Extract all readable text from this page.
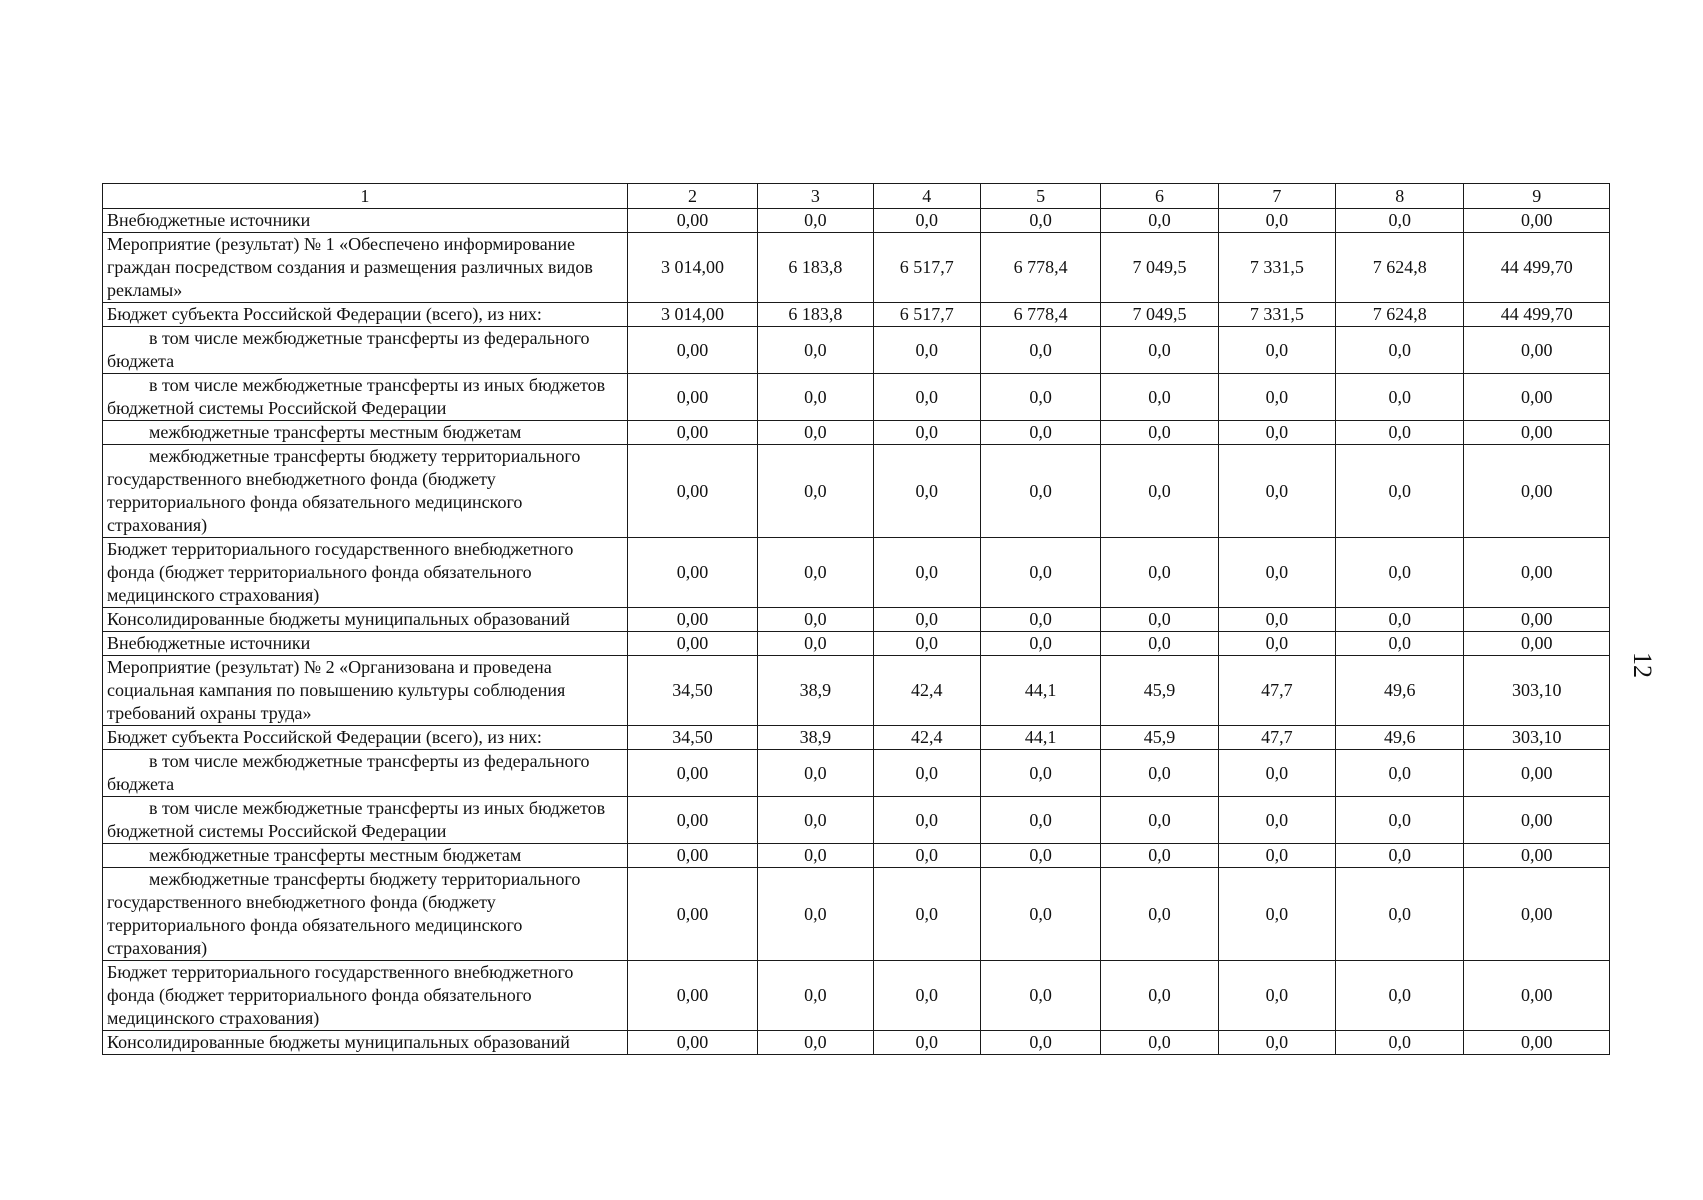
1	2	3	4	5	6	7	8	9
Внебюджетные источники	0,00	0,0	0,0	0,0	0,0	0,0	0,0	0,00
Мероприятие (результат) № 1 «Обеспечено информирование граждан посредством создания и размещения различных видов рекламы»	3 014,00	6 183,8	6 517,7	6 778,4	7 049,5	7 331,5	7 624,8	44 499,70
Бюджет субъекта Российской Федерации (всего), из них:	3 014,00	6 183,8	6 517,7	6 778,4	7 049,5	7 331,5	7 624,8	44 499,70
в том числе межбюджетные трансферты из федерального бюджета	0,00	0,0	0,0	0,0	0,0	0,0	0,0	0,00
в том числе межбюджетные трансферты из иных бюджетов бюджетной системы Российской Федерации	0,00	0,0	0,0	0,0	0,0	0,0	0,0	0,00
межбюджетные трансферты местным бюджетам	0,00	0,0	0,0	0,0	0,0	0,0	0,0	0,00
межбюджетные трансферты бюджету территориального государственного внебюджетного фонда (бюджету территориального фонда обязательного медицинского страхования)	0,00	0,0	0,0	0,0	0,0	0,0	0,0	0,00
Бюджет территориального государственного внебюджетного фонда (бюджет территориального фонда обязательного медицинского страхования)	0,00	0,0	0,0	0,0	0,0	0,0	0,0	0,00
Консолидированные бюджеты муниципальных образований	0,00	0,0	0,0	0,0	0,0	0,0	0,0	0,00
Внебюджетные источники	0,00	0,0	0,0	0,0	0,0	0,0	0,0	0,00
Мероприятие (результат) № 2 «Организована и проведена социальная кампания по повышению культуры соблюдения требований охраны труда»	34,50	38,9	42,4	44,1	45,9	47,7	49,6	303,10
Бюджет субъекта Российской Федерации (всего), из них:	34,50	38,9	42,4	44,1	45,9	47,7	49,6	303,10
в том числе межбюджетные трансферты из федерального бюджета	0,00	0,0	0,0	0,0	0,0	0,0	0,0	0,00
в том числе межбюджетные трансферты из иных бюджетов бюджетной системы Российской Федерации	0,00	0,0	0,0	0,0	0,0	0,0	0,0	0,00
межбюджетные трансферты местным бюджетам	0,00	0,0	0,0	0,0	0,0	0,0	0,0	0,00
межбюджетные трансферты бюджету территориального государственного внебюджетного фонда (бюджету территориального фонда обязательного медицинского страхования)	0,00	0,0	0,0	0,0	0,0	0,0	0,0	0,00
Бюджет территориального государственного внебюджетного фонда (бюджет территориального фонда обязательного медицинского страхования)	0,00	0,0	0,0	0,0	0,0	0,0	0,0	0,00
Консолидированные бюджеты муниципальных образований	0,00	0,0	0,0	0,0	0,0	0,0	0,0	0,00
12
